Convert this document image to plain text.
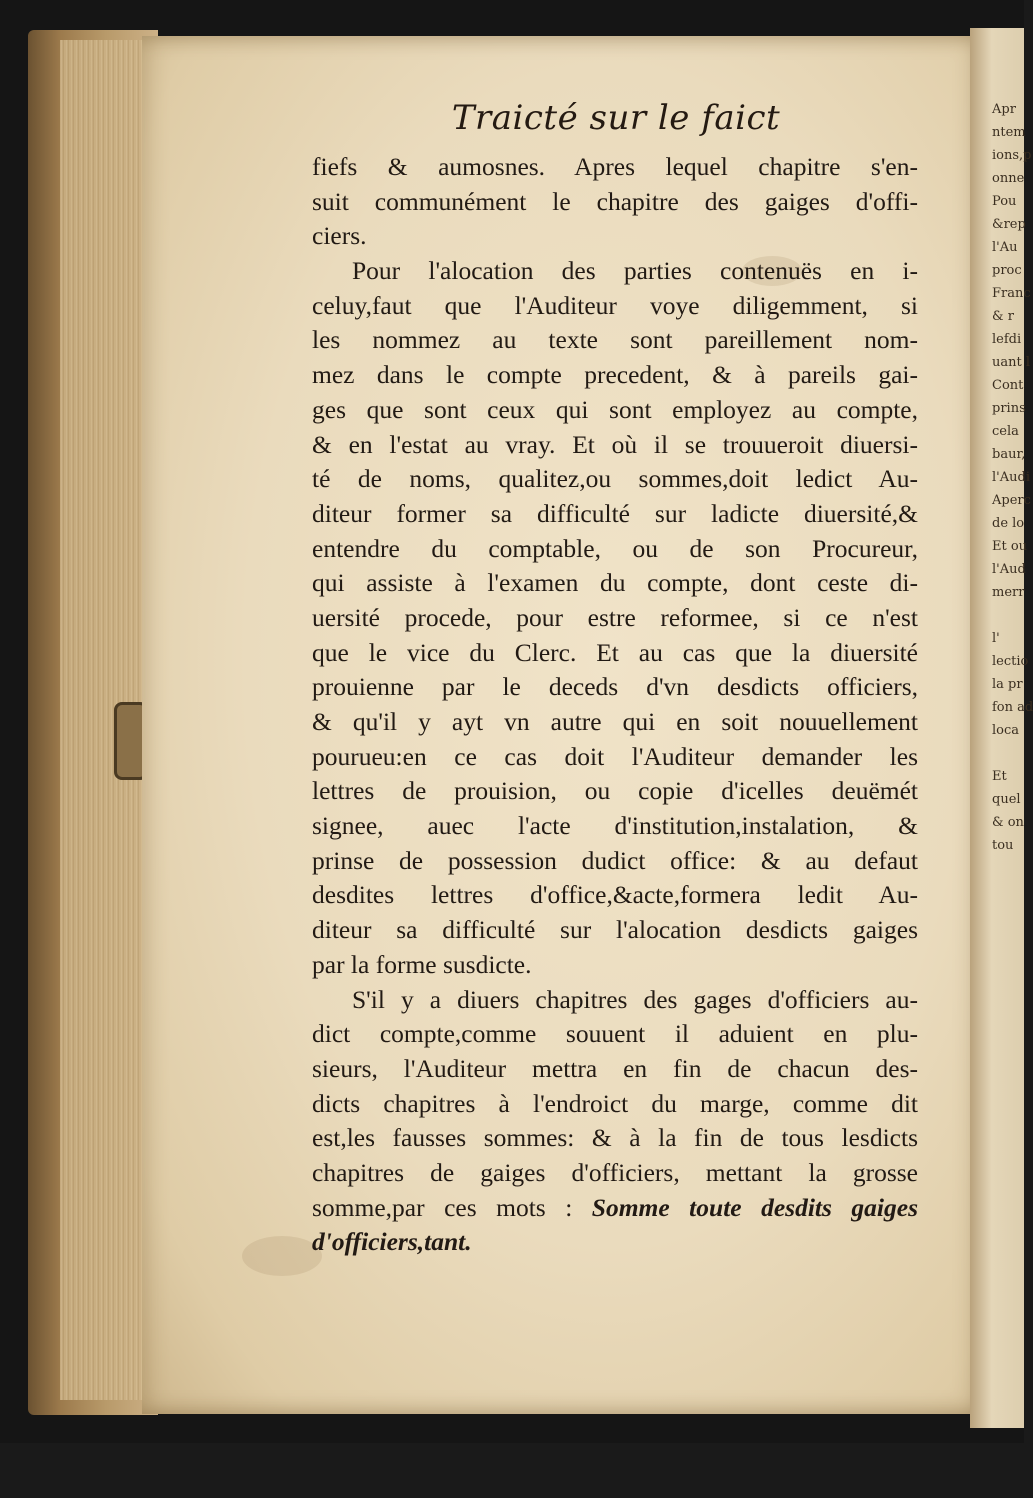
Apr
ntem
ions,p
onne
Pou
&rep
l'Au
proc
Franc
& r
lefdi
uant l
Cont
prins
cela
baur,
l'Audi
Aperc
de lo
Et ou
l'Aud
merr
l'
lectio
la pr
fon ad
loca
Et
quel
& on
tou
Traicté sur le faict
fiefs & aumosnes. Apres lequel chapitre s'en-
suit communément le chapitre des gaiges d'offi-
ciers.
Pour l'alocation des parties contenuës en i-
celuy,faut que l'Auditeur voye diligemment, si
les nommez au texte sont pareillement nom-
mez dans le compte precedent, & à pareils gai-
ges que sont ceux qui sont employez au compte,
& en l'estat au vray. Et où il se trouueroit diuersi-
té de noms, qualitez,ou sommes,doit ledict Au-
diteur former sa difficulté sur ladicte diuersité,&
entendre du comptable, ou de son Procureur,
qui assiste à l'examen du compte, dont ceste di-
uersité procede, pour estre reformee, si ce n'est
que le vice du Clerc. Et au cas que la diuersité
prouienne par le deceds d'vn desdicts officiers,
& qu'il y ayt vn autre qui en soit nouuellement
pourueu:en ce cas doit l'Auditeur demander les
lettres de prouision, ou copie d'icelles deuëmét
signee, auec l'acte d'institution,instalation, &
prinse de possession dudict office: & au defaut
desdites lettres d'office,&acte,formera ledit Au-
diteur sa difficulté sur l'alocation desdicts gaiges
par la forme susdicte.
S'il y a diuers chapitres des gages d'officiers au-
dict compte,comme souuent il aduient en plu-
sieurs, l'Auditeur mettra en fin de chacun des-
dicts chapitres à l'endroict du marge, comme dit
est,les fausses sommes: & à la fin de tous lesdicts
chapitres de gaiges d'officiers, mettant la grosse
somme,par ces mots : Somme toute desdits gaiges
d'officiers,tant.
